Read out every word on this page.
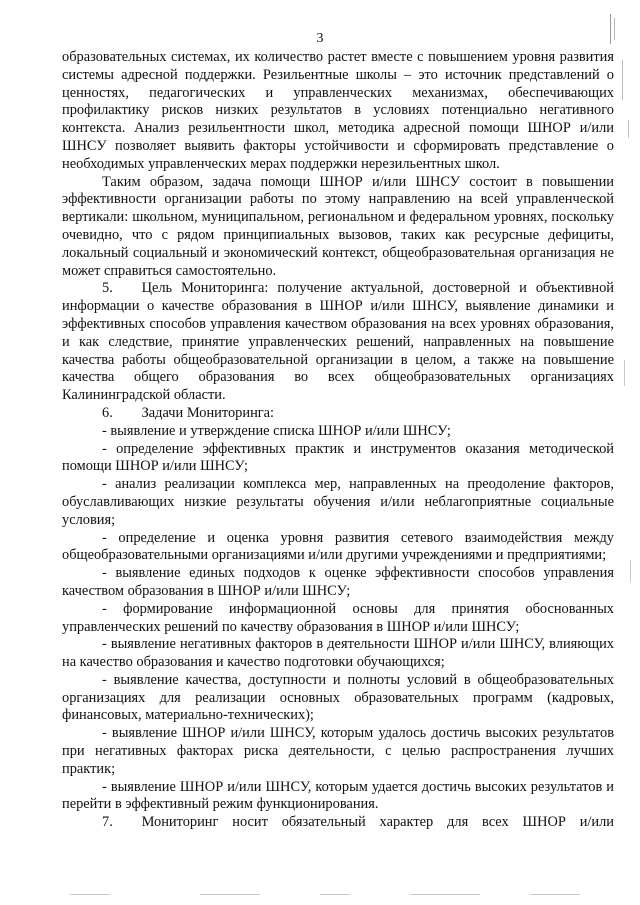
3

образовательных системах, их количество растет вместе с повышением уровня развития системы адресной поддержки. Резильентные школы – это источник представлений о ценностях, педагогических и управленческих механизмах, обеспечивающих профилактику рисков низких результатов в условиях потенциально негативного контекста. Анализ резильентности школ, методика адресной помощи ШНОР и/или ШНСУ позволяет выявить факторы устойчивости и сформировать представление о необходимых управленческих мерах поддержки нерезильентных школ.

Таким образом, задача помощи ШНОР и/или ШНСУ состоит в повышении эффективности организации работы по этому направлению на всей управленческой вертикали: школьном, муниципальном, региональном и федеральном уровнях, поскольку очевидно, что с рядом принципиальных вызовов, таких как ресурсные дефициты, локальный социальный и экономический контекст, общеобразовательная организация не может справиться самостоятельно.

5.  Цель Мониторинга: получение актуальной, достоверной и объективной информации о качестве образования в ШНОР и/или ШНСУ, выявление динамики и эффективных способов управления качеством образования на всех уровнях образования, и как следствие, принятие управленческих решений, направленных на повышение качества работы общеобразовательной организации в целом, а также на повышение качества общего образования во всех общеобразовательных организациях Калининградской области.

6.  Задачи Мониторинга:

- выявление и утверждение списка ШНОР и/или ШНСУ;

- определение эффективных практик и инструментов оказания методической помощи ШНОР и/или ШНСУ;

- анализ реализации комплекса мер, направленных на преодоление факторов, обуславливающих низкие результаты обучения и/или неблагоприятные социальные условия;

- определение и оценка уровня развития сетевого взаимодействия между общеобразовательными организациями и/или другими учреждениями и предприятиями;

- выявление единых подходов к оценке эффективности способов управления качеством образования в ШНОР и/или ШНСУ;

- формирование информационной основы для принятия обоснованных управленческих решений по качеству образования в ШНОР и/или ШНСУ;

- выявление негативных факторов в деятельности ШНОР и/или ШНСУ, влияющих на качество образования и качество подготовки обучающихся;

- выявление качества, доступности и полноты условий в общеобразовательных организациях для реализации основных образовательных программ (кадровых, финансовых, материально-технических);

- выявление ШНОР и/или ШНСУ, которым удалось достичь высоких результатов при негативных факторах риска деятельности, с целью распространения лучших практик;

- выявление ШНОР и/или ШНСУ, которым удается достичь высоких результатов и перейти в эффективный режим функционирования.

7.  Мониторинг носит обязательный характер для всех ШНОР и/или
